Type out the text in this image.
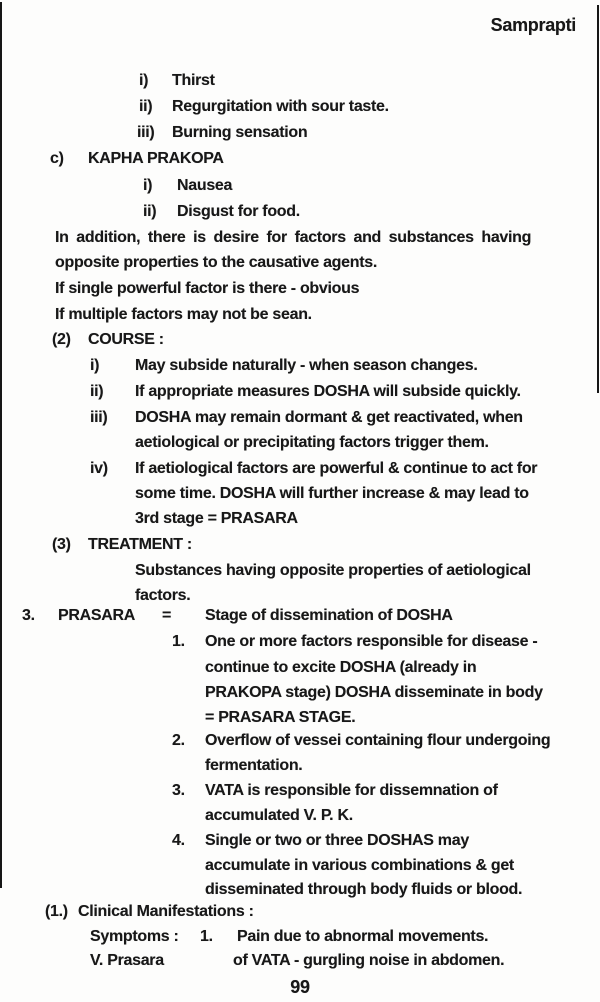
Samprapti
i) Thirst
ii) Regurgitation with sour taste.
iii) Burning sensation
c) KAPHA PRAKOPA
i) Nausea
ii) Disgust for food.
In addition, there is desire for factors and substances having
opposite properties to the causative agents.
If single powerful factor is there - obvious
If multiple factors may not be sean.
(2) COURSE :
i) May subside naturally - when season changes.
ii) If appropriate measures DOSHA will subside quickly.
iii) DOSHA may remain dormant & get reactivated, when
aetiological or precipitating factors trigger them.
iv) If aetiological factors are powerful & continue to act for
some time. DOSHA will further increase & may lead to
3rd stage = PRASARA
(3) TREATMENT :
Substances having opposite properties of aetiological
factors.
3. PRASARA = Stage of dissemination of DOSHA
1. One or more factors responsible for disease -
continue to excite DOSHA (already in
PRAKOPA stage) DOSHA disseminate in body
= PRASARA STAGE.
2. Overflow of vessei containing flour undergoing
fermentation.
3. VATA is responsible for dissemnation of
accumulated V. P. K.
4. Single or two or three DOSHAS may
accumulate in various combinations & get
disseminated through body fluids or blood.
(1.) Clinical Manifestations :
Symptoms : 1. Pain due to abnormal movements.
V. Prasara	of VATA - gurgling noise in abdomen.
99
